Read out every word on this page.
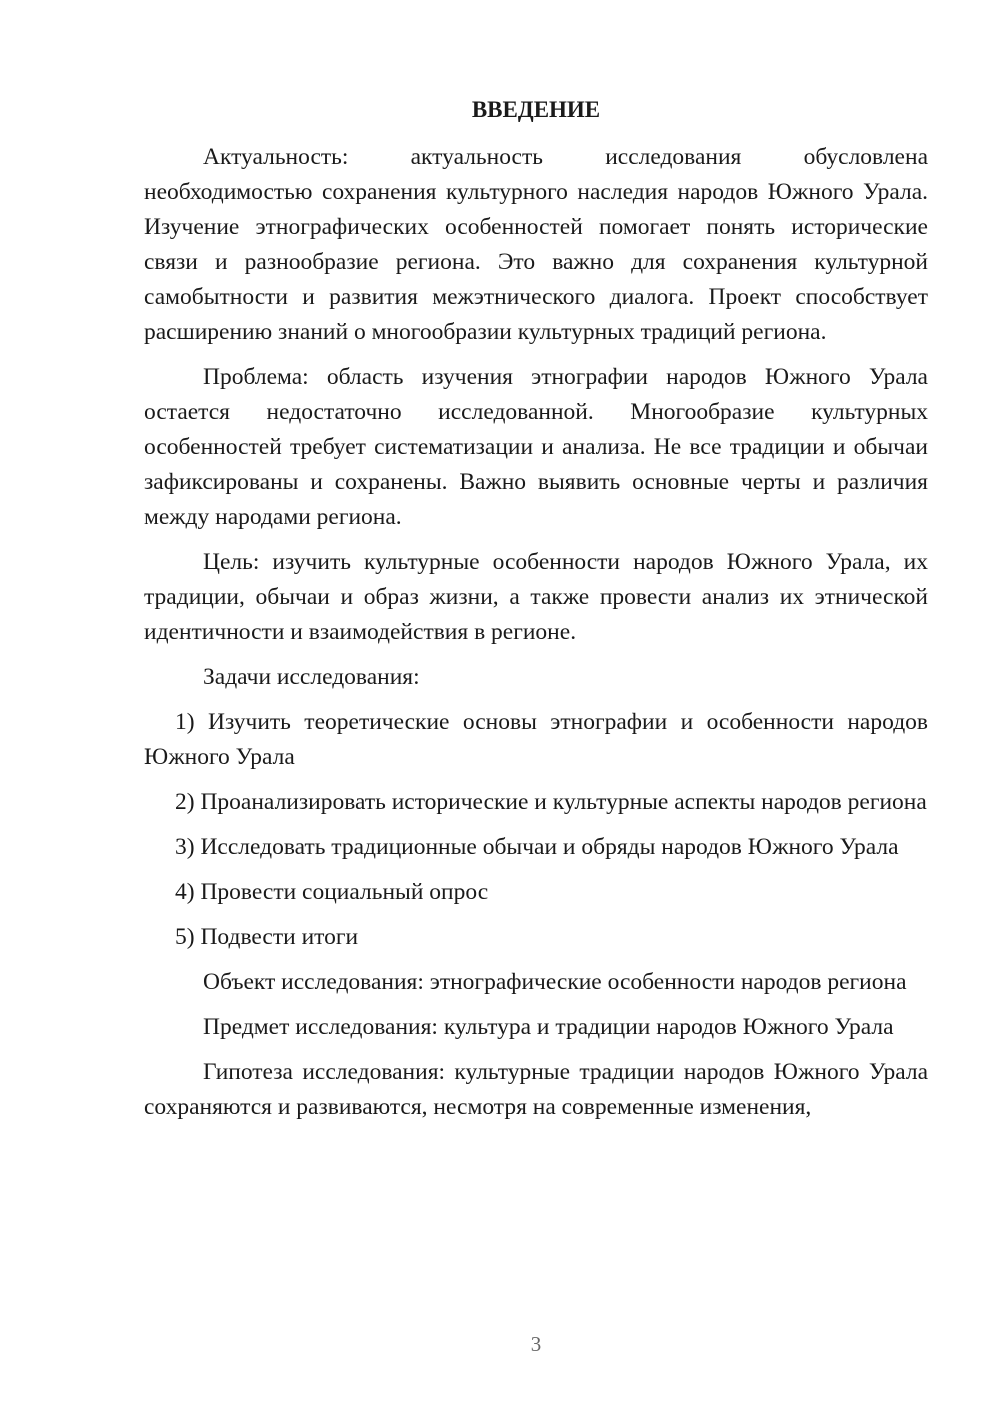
ВВЕДЕНИЕ

Актуальность: актуальность исследования обусловлена необходимостью сохранения культурного наследия народов Южного Урала. Изучение этнографических особенностей помогает понять исторические связи и разнообразие региона. Это важно для сохранения культурной самобытности и развития межэтнического диалога. Проект способствует расширению знаний о многообразии культурных традиций региона.

Проблема: область изучения этнографии народов Южного Урала остается недостаточно исследованной. Многообразие культурных особенностей требует систематизации и анализа. Не все традиции и обычаи зафиксированы и сохранены. Важно выявить основные черты и различия между народами региона.

Цель: изучить культурные особенности народов Южного Урала, их традиции, обычаи и образ жизни, а также провести анализ их этнической идентичности и взаимодействия в регионе.

Задачи исследования:

1) Изучить теоретические основы этнографии и особенности народов Южного Урала

2) Проанализировать исторические и культурные аспекты народов региона

3) Исследовать традиционные обычаи и обряды народов Южного Урала

4) Провести социальный опрос

5) Подвести итоги

Объект исследования: этнографические особенности народов региона

Предмет исследования: культура и традиции народов Южного Урала

Гипотеза исследования: культурные традиции народов Южного Урала сохраняются и развиваются, несмотря на современные изменения,

3
